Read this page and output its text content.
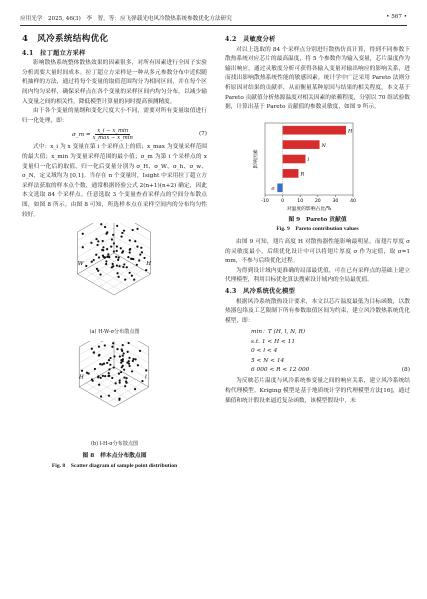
应用光学　2025, 46(3)　李　智，等：应飞弹载光电风冷散热系统参数优化方法研究	• 567 •
4　风冷系统结构优化
4.1　拉丁超立方采样

影响散热系统整体散热效果的因素很多，对所有因素进行全因子实验分析需要大量时间成本。拉丁超立方采样是一种从多元参数分布中近似随机抽样的方法，通过将每个变量的取值范围均分为相同区间，并在每个区间内均匀采样，确保采样点在各个变量的采样区间内均匀分布，以减少输入变量之间的相关性，降低模型计算量的同时提高预测精度。

由于各个变量的量纲和变化尺度大小不同，需要对所有变量取值进行归一化处理，即：

σ_m =
x_i − x_min
x_max − x_min
(7)

式中：x_i 为 x 变量在第 i 个采样点上的值；x_max 为变量采样范围的最大值；x_min 为变量采样范围的最小值；σ_m 为第 i 个采样点的 x 变量归一化后的取值。归一化后变量分别为 σ_H、σ_W、σ_h、σ_w、σ_N，定义域均为 [0,1]。当存在 n 个变量时，Isight 中采用拉丁超立方采样法获取的样本点个数，通常根据经验公式 2(n+1)(n+2) 确定，因此本文选取 84 个采样点。任意选取 3 个变量查看采样点的空间分布散点图，如图 8 所示。由图 8 可知，所选样本点在采样空间内的分布均匀性较好。

H
W
(a) H-W-σ分布散点图
l
H
(b) l-H-σ分布散点图
图 8　样本点分布散点图
Fig. 8　Scatter diagram of sample point distribution
4.2　灵敏度分析

对以上选取的 84 个采样点分别进行散热仿真计算，得到不同参数下散热系统对应芯片的最高温度，将 5 个参数作为输入变量，芯片温度作为输出响应，通过灵敏度分析可获得各输入变量对输出响应的影响关系，进而找出影响散热系统性能的敏感因素。统计学中广泛采用 Pareto 法则分析原因对结果的贡献率，从而衡量某种原因与结果的相关程度。本文基于 Pareto 贡献值分析热源温度对相关因素的依赖程度，分别以 70 组试验数据，计算出基于 Pareto 贡献值的参数灵敏度，如图 9 所示。

-10	0	10	20	30	40
H
N
l
R
σ
对温度的影响占比/%
影响因素
图 9　Pareto 贡献值
Fig. 9　Pareto contribution values

由图 9 可知，翅片高度 H 对散热器性能影响最明显，而翅片厚度 σ 的灵敏度最小，后续优化设计中可以将翅片厚度 σ 作为定值，取 σ=1 mm，不参与后续优化过程。

为得到设计域内更准确的局部最优值，可在已有采样点的基础上建立代理模型，利用目标优化算法搜索设计域内的全局最优值。

4.3　风冷系统优化模型

根据风冷系统散热设计要求，本文以芯片温度最低为目标函数，以散热器包络及工艺限制下所有参数取值区间为约束，建立风冷散热系统优化模型，即：

min：T (H, l, N, R)
s.t. 1 < H < 11
0 < l < 4
5 < N < 14
6 000 < R < 12 000	(8)

为反映芯片温度与风冷系统参变量之间的响应关系，建立风冷系统结构代理模型。Kriging 模型是基于地质统计学的代理模型方法[16]，通过插值和统计假设来逼近复杂函数，该模型假设中，未
